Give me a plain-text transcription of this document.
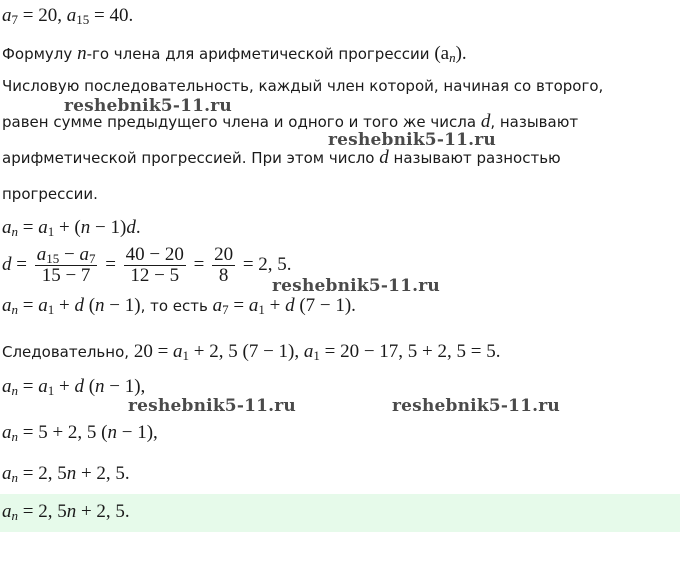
$a_7 = 20$, $a_{15} = 40$.
Формулу n-го члена для арифметической прогрессии $(a_n)$.
Числовую последовательность, каждый член которой, начиная со второго,
равен сумме предыдущего члена и одного и того же числа d, называют
арифметической прогрессией. При этом число d называют разностью
прогрессии.
$a_n = a_1 + (n - 1)d$.
$d = \frac{a_{15} - a_7}{15 - 7} = \frac{40 - 20}{12 - 5} = \frac{20}{8} = 2$, 5.
$a_n = a_1 + d$ (n − 1), то есть $a_7 = a_1 + d$ (7 − 1).
Следовательно, $20 = a_1 + 2$, 5 (7 − 1), $a_1 = 20 - 17$, 5 + 2, 5 = 5.
$a_n = a_1 + d$ (n − 1),
$a_n = 5 + 2$, 5 (n − 1),
$a_n = 2$, 5n + 2, 5.
$a_n = 2$, 5n + 2, 5.
reshebnik5-11.ru
reshebnik5-11.ru
reshebnik5-11.ru
reshebnik5-11.ru	reshebnik5-11.ru
